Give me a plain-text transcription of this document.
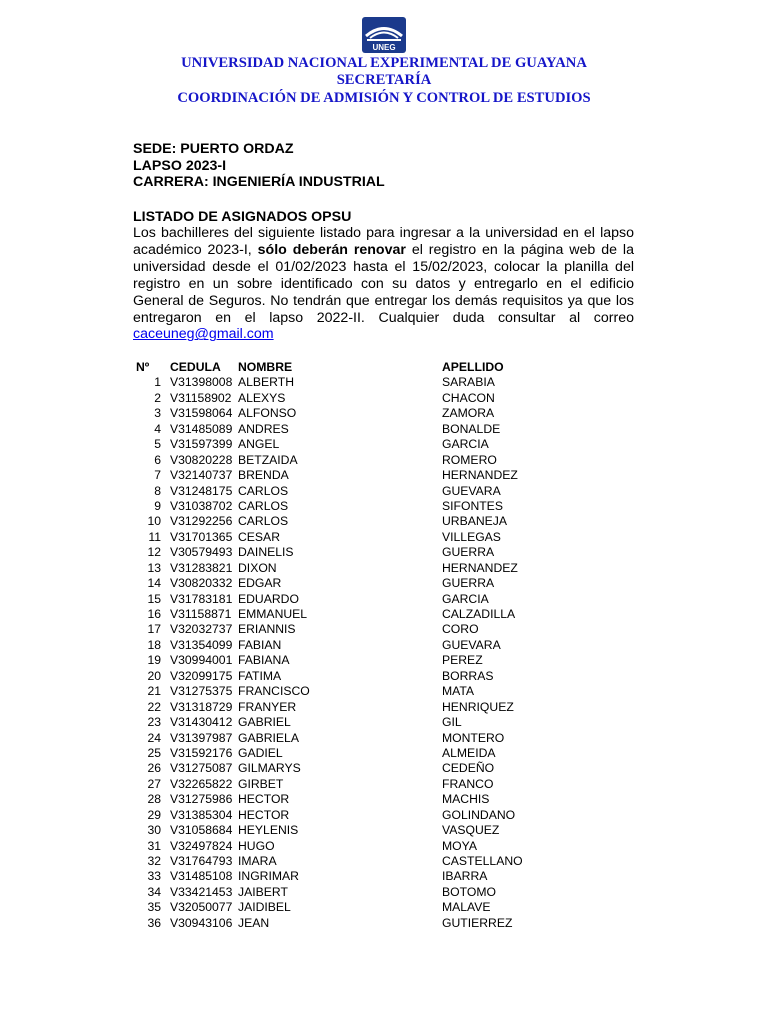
UNEG
UNIVERSIDAD NACIONAL EXPERIMENTAL DE GUAYANA
SECRETARÍA
COORDINACIÓN DE ADMISIÓN Y CONTROL DE ESTUDIOS
SEDE: PUERTO ORDAZ
LAPSO 2023-I
CARRERA: INGENIERÍA INDUSTRIAL
LISTADO DE ASIGNADOS OPSU
Los bachilleres del siguiente listado para ingresar a la universidad en el lapso académico 2023-I, sólo deberán renovar el registro en la página web de la universidad desde el 01/02/2023 hasta el 15/02/2023, colocar la planilla del registro en un sobre identificado con su datos y entregarlo en el edificio General de Seguros. No tendrán que entregar los demás requisitos ya que los entregaron en el lapso 2022-II. Cualquier duda consultar al correo caceuneg@gmail.com
Nº	CEDULA NOMBRE	APELLIDO
1 V31398008 ALBERTH	SARABIA
2 V31158902 ALEXYS	CHACON
3 V31598064 ALFONSO	ZAMORA
4 V31485089 ANDRES	BONALDE
5 V31597399 ANGEL	GARCIA
6 V30820228 BETZAIDA	ROMERO
7 V32140737 BRENDA	HERNANDEZ
8 V31248175 CARLOS	GUEVARA
9 V31038702 CARLOS	SIFONTES
10 V31292256 CARLOS	URBANEJA
11 V31701365 CESAR	VILLEGAS
12 V30579493 DAINELIS	GUERRA
13 V31283821 DIXON	HERNANDEZ
14 V30820332 EDGAR	GUERRA
15 V31783181 EDUARDO	GARCIA
16 V31158871 EMMANUEL	CALZADILLA
17 V32032737 ERIANNIS	CORO
18 V31354099 FABIAN	GUEVARA
19 V30994001 FABIANA	PEREZ
20 V32099175 FATIMA	BORRAS
21 V31275375 FRANCISCO	MATA
22 V31318729 FRANYER	HENRIQUEZ
23 V31430412 GABRIEL	GIL
24 V31397987 GABRIELA	MONTERO
25 V31592176 GADIEL	ALMEIDA
26 V31275087 GILMARYS	CEDEÑO
27 V32265822 GIRBET	FRANCO
28 V31275986 HECTOR	MACHIS
29 V31385304 HECTOR	GOLINDANO
30 V31058684 HEYLENIS	VASQUEZ
31 V32497824 HUGO	MOYA
32 V31764793 IMARA	CASTELLANO
33 V31485108 INGRIMAR	IBARRA
34 V33421453 JAIBERT	BOTOMO
35 V32050077 JAIDIBEL	MALAVE
36 V30943106 JEAN	GUTIERREZ
